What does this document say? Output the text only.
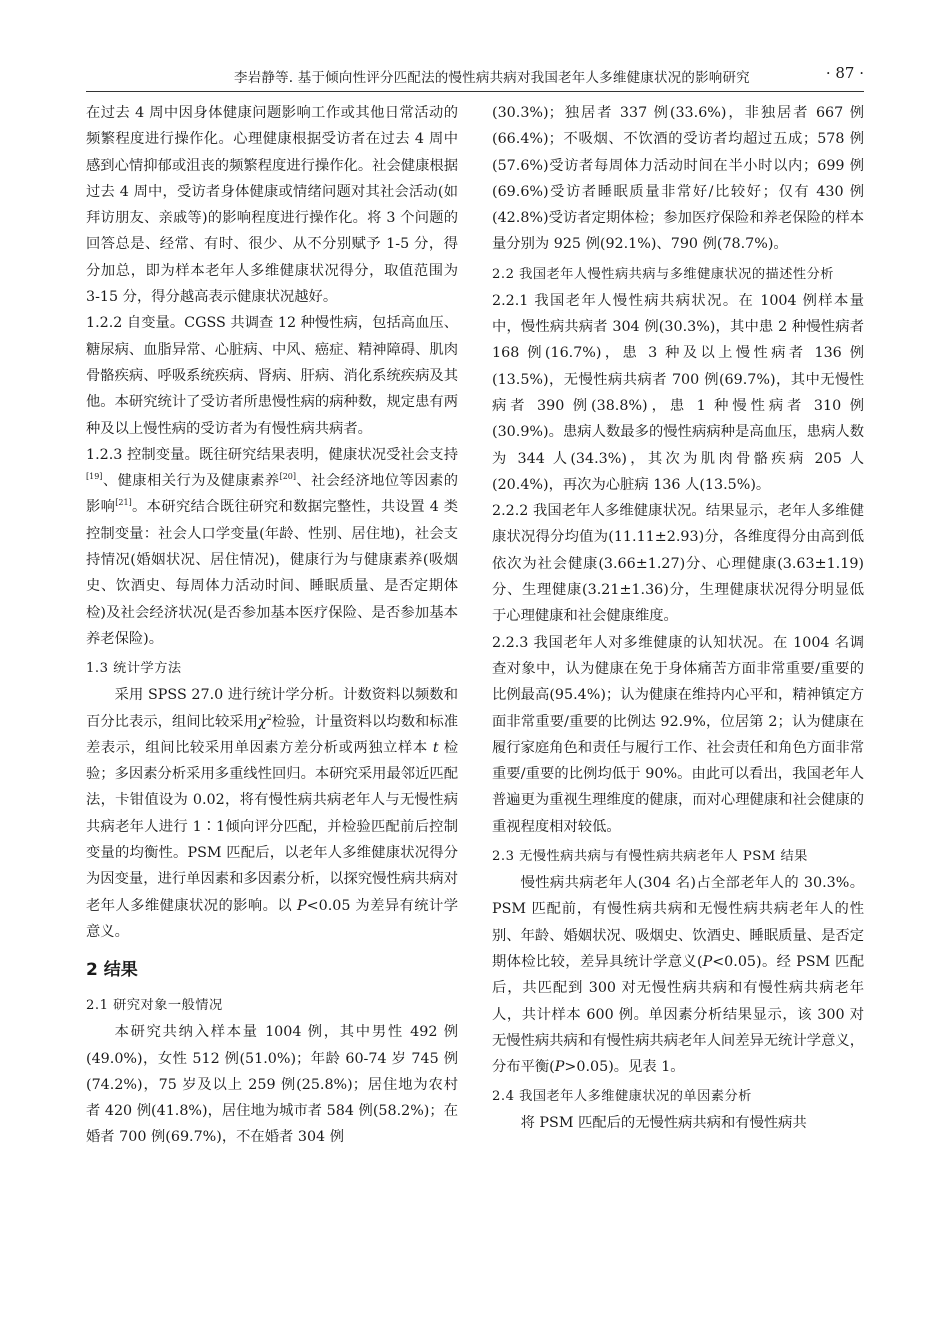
李岩静等. 基于倾向性评分匹配法的慢性病共病对我国老年人多维健康状况的影响研究	· 87 ·

在过去 4 周中因身体健康问题影响工作或其他日常活动的频繁程度进行操作化。心理健康根据受访者在过去 4 周中感到心情抑郁或沮丧的频繁程度进行操作化。社会健康根据过去 4 周中，受访者身体健康或情绪问题对其社会活动(如拜访朋友、亲戚等)的影响程度进行操作化。将 3 个问题的回答总是、经常、有时、很少、从不分别赋予 1-5 分，得分加总，即为样本老年人多维健康状况得分，取值范围为 3-15 分，得分越高表示健康状况越好。

1.2.2 自变量。CGSS 共调查 12 种慢性病，包括高血压、糖尿病、血脂异常、心脏病、中风、癌症、精神障碍、肌肉骨骼疾病、呼吸系统疾病、肾病、肝病、消化系统疾病及其他。本研究统计了受访者所患慢性病的病种数，规定患有两种及以上慢性病的受访者为有慢性病共病者。

1.2.3 控制变量。既往研究结果表明，健康状况受社会支持[19]、健康相关行为及健康素养[20]、社会经济地位等因素的影响[21]。本研究结合既往研究和数据完整性，共设置 4 类控制变量：社会人口学变量(年龄、性别、居住地)，社会支持情况(婚姻状况、居住情况)，健康行为与健康素养(吸烟史、饮酒史、每周体力活动时间、睡眠质量、是否定期体检)及社会经济状况(是否参加基本医疗保险、是否参加基本养老保险)。

1.3 统计学方法

采用 SPSS 27.0 进行统计学分析。计数资料以频数和百分比表示，组间比较采用$\chi^2$检验，计量资料以均数和标准差表示，组间比较采用单因素方差分析或两独立样本 t 检验；多因素分析采用多重线性回归。本研究采用最邻近匹配法，卡钳值设为 0.02，将有慢性病共病老年人与无慢性病共病老年人进行 1∶1倾向评分匹配，并检验匹配前后控制变量的均衡性。PSM 匹配后，以老年人多维健康状况得分为因变量，进行单因素和多因素分析，以探究慢性病共病对老年人多维健康状况的影响。以 P<0.05 为差异有统计学意义。

2 结果
2.1 研究对象一般情况

本研究共纳入样本量 1004 例，其中男性 492 例(49.0%)，女性 512 例(51.0%)；年龄 60-74 岁 745 例(74.2%)，75 岁及以上 259 例(25.8%)；居住地为农村者 420 例(41.8%)，居住地为城市者 584 例(58.2%)；在婚者 700 例(69.7%)，不在婚者 304 例

(30.3%)；独居者 337 例(33.6%)，非独居者 667 例(66.4%)；不吸烟、不饮酒的受访者均超过五成；578 例(57.6%)受访者每周体力活动时间在半小时以内；699 例(69.6%)受访者睡眠质量非常好/比较好；仅有 430 例(42.8%)受访者定期体检；参加医疗保险和养老保险的样本量分别为 925 例(92.1%)、790 例(78.7%)。

2.2 我国老年人慢性病共病与多维健康状况的描述性分析

2.2.1 我国老年人慢性病共病状况。在 1004 例样本量中，慢性病共病者 304 例(30.3%)，其中患 2 种慢性病者 168 例(16.7%)，患 3 种及以上慢性病者 136 例(13.5%)，无慢性病共病者 700 例(69.7%)，其中无慢性病者 390 例(38.8%)，患 1 种慢性病者 310 例(30.9%)。患病人数最多的慢性病病种是高血压，患病人数为 344 人(34.3%)，其次为肌肉骨骼疾病 205 人(20.4%)，再次为心脏病 136 人(13.5%)。

2.2.2 我国老年人多维健康状况。结果显示，老年人多维健康状况得分均值为(11.11±2.93)分，各维度得分由高到低依次为社会健康(3.66±1.27)分、心理健康(3.63±1.19)分、生理健康(3.21±1.36)分，生理健康状况得分明显低于心理健康和社会健康维度。

2.2.3 我国老年人对多维健康的认知状况。在 1004 名调查对象中，认为健康在免于身体痛苦方面非常重要/重要的比例最高(95.4%)；认为健康在维持内心平和，精神镇定方面非常重要/重要的比例达 92.9%，位居第 2；认为健康在履行家庭角色和责任与履行工作、社会责任和角色方面非常重要/重要的比例均低于 90%。由此可以看出，我国老年人普遍更为重视生理维度的健康，而对心理健康和社会健康的重视程度相对较低。

2.3 无慢性病共病与有慢性病共病老年人 PSM 结果

慢性病共病老年人(304 名)占全部老年人的 30.3%。PSM 匹配前，有慢性病共病和无慢性病共病老年人的性别、年龄、婚姻状况、吸烟史、饮酒史、睡眠质量、是否定期体检比较，差异具统计学意义(P<0.05)。经 PSM 匹配后，共匹配到 300 对无慢性病共病和有慢性病共病老年人，共计样本 600 例。单因素分析结果显示，该 300 对无慢性病共病和有慢性病共病老年人间差异无统计学意义，分布平衡(P>0.05)。见表 1。

2.4 我国老年人多维健康状况的单因素分析

将 PSM 匹配后的无慢性病共病和有慢性病共
